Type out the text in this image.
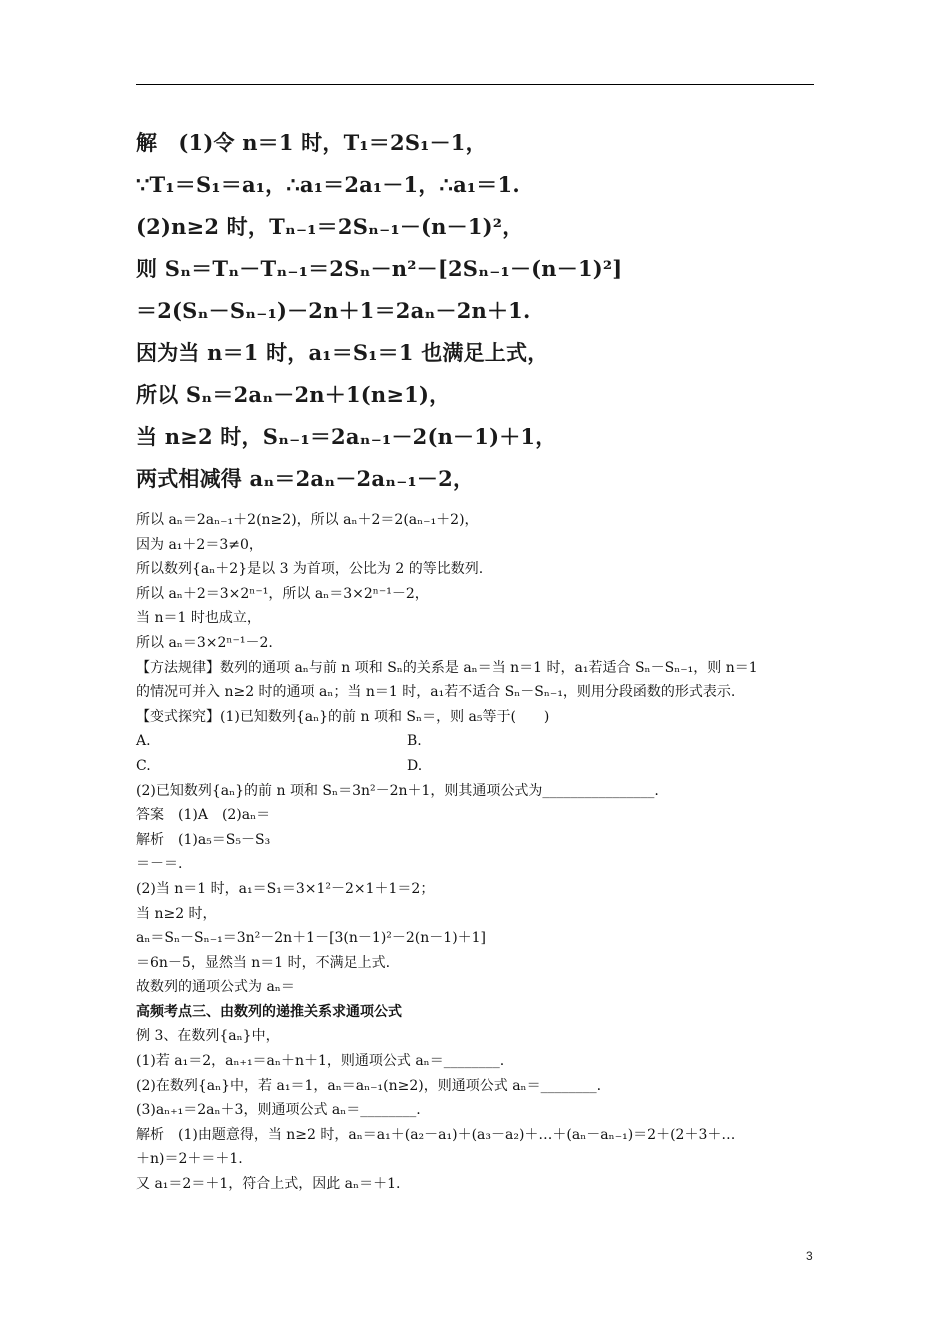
解　(1)令 n＝1 时，T₁＝2S₁－1，
∵T₁＝S₁＝a₁，∴a₁＝2a₁－1，∴a₁＝1.
(2)n≥2 时，Tₙ₋₁＝2Sₙ₋₁－(n－1)²，
则 Sₙ＝Tₙ－Tₙ₋₁＝2Sₙ－n²－[2Sₙ₋₁－(n－1)²]
＝2(Sₙ－Sₙ₋₁)－2n＋1＝2aₙ－2n＋1.
因为当 n＝1 时，a₁＝S₁＝1 也满足上式，
所以 Sₙ＝2aₙ－2n＋1(n≥1)，
当 n≥2 时，Sₙ₋₁＝2aₙ₋₁－2(n－1)＋1，
两式相减得 aₙ＝2aₙ－2aₙ₋₁－2，
所以 aₙ＝2aₙ₋₁＋2(n≥2)，所以 aₙ＋2＝2(aₙ₋₁＋2)，
因为 a₁＋2＝3≠0，
所以数列{aₙ＋2}是以 3 为首项，公比为 2 的等比数列.
所以 aₙ＋2＝3×2ⁿ⁻¹，所以 aₙ＝3×2ⁿ⁻¹－2，
当 n＝1 时也成立，
所以 aₙ＝3×2ⁿ⁻¹－2.
【方法规律】数列的通项 aₙ与前 n 项和 Sₙ的关系是 aₙ＝当 n＝1 时，a₁若适合 Sₙ－Sₙ₋₁，则 n＝1
的情况可并入 n≥2 时的通项 aₙ；当 n＝1 时，a₁若不适合 Sₙ－Sₙ₋₁，则用分段函数的形式表示.
【变式探究】(1)已知数列{aₙ}的前 n 项和 Sₙ＝，则 a₅等于(　　)
A.	B.
C.	D.
(2)已知数列{aₙ}的前 n 项和 Sₙ＝3n²－2n＋1，则其通项公式为________________.
答案　(1)A　(2)aₙ＝
解析　(1)a₅＝S₅－S₃
＝－＝.
(2)当 n＝1 时，a₁＝S₁＝3×1²－2×1＋1＝2；
当 n≥2 时，
aₙ＝Sₙ－Sₙ₋₁＝3n²－2n＋1－[3(n－1)²－2(n－1)＋1]
＝6n－5，显然当 n＝1 时，不满足上式.
故数列的通项公式为 aₙ＝
高频考点三、由数列的递推关系求通项公式
例 3、在数列{aₙ}中，
(1)若 a₁＝2，aₙ₊₁＝aₙ＋n＋1，则通项公式 aₙ＝________.
(2)在数列{aₙ}中，若 a₁＝1，aₙ＝aₙ₋₁(n≥2)，则通项公式 aₙ＝________.
(3)aₙ₊₁＝2aₙ＋3，则通项公式 aₙ＝________.
解析　(1)由题意得，当 n≥2 时，aₙ＝a₁＋(a₂－a₁)＋(a₃－a₂)＋…＋(aₙ－aₙ₋₁)＝2＋(2＋3＋…
＋n)＝2＋＝＋1.
又 a₁＝2＝＋1，符合上式，因此 aₙ＝＋1.
3
